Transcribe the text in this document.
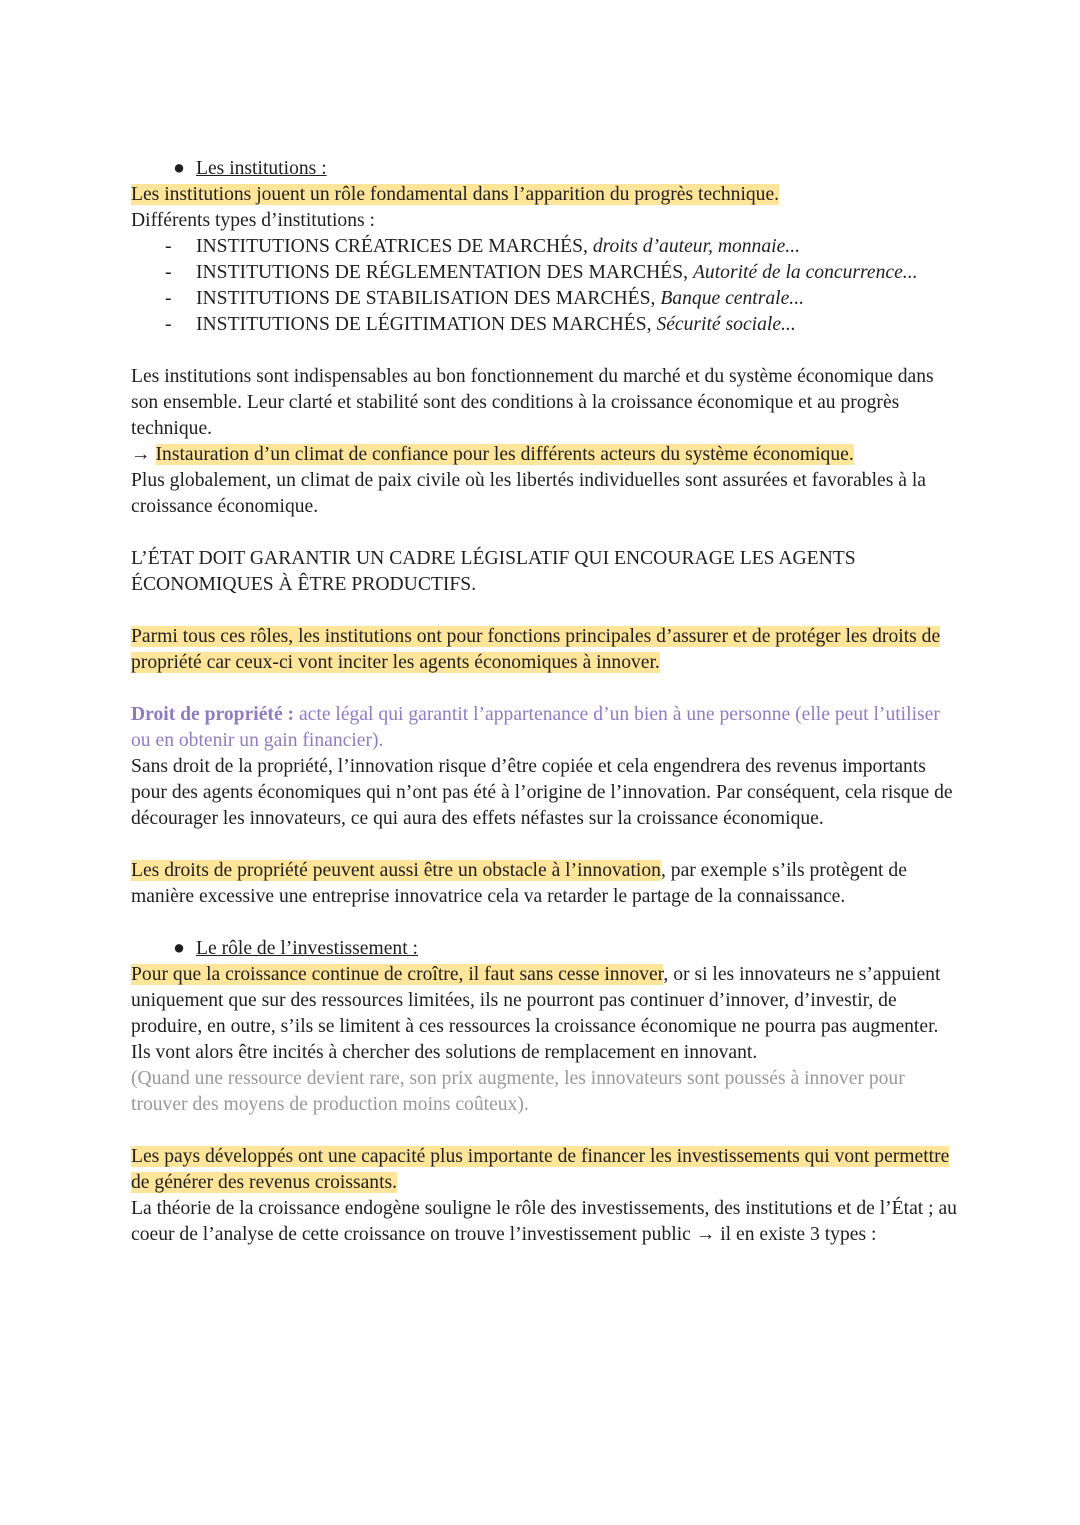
● Les institutions :

Les institutions jouent un rôle fondamental dans l’apparition du progrès technique.

Différents types d’institutions :

- INSTITUTIONS CRÉATRICES DE MARCHÉS, droits d’auteur, monnaie...
- INSTITUTIONS DE RÉGLEMENTATION DES MARCHÉS, Autorité de la concurrence...
- INSTITUTIONS DE STABILISATION DES MARCHÉS, Banque centrale...
- INSTITUTIONS DE LÉGITIMATION DES MARCHÉS, Sécurité sociale...

Les institutions sont indispensables au bon fonctionnement du marché et du système économique dans son ensemble. Leur clarté et stabilité sont des conditions à la croissance économique et au progrès technique.
→ Instauration d’un climat de confiance pour les différents acteurs du système économique.
Plus globalement, un climat de paix civile où les libertés individuelles sont assurées et favorables à la croissance économique.

L’ÉTAT DOIT GARANTIR UN CADRE LÉGISLATIF QUI ENCOURAGE LES AGENTS ÉCONOMIQUES À ÊTRE PRODUCTIFS.

Parmi tous ces rôles, les institutions ont pour fonctions principales d’assurer et de protéger les droits de propriété car ceux-ci vont inciter les agents économiques à innover.

Droit de propriété : acte légal qui garantit l’appartenance d’un bien à une personne (elle peut l’utiliser ou en obtenir un gain financier).

Sans droit de la propriété, l’innovation risque d’être copiée et cela engendrera des revenus importants pour des agents économiques qui n’ont pas été à l’origine de l’innovation. Par conséquent, cela risque de décourager les innovateurs, ce qui aura des effets néfastes sur la croissance économique.

Les droits de propriété peuvent aussi être un obstacle à l’innovation, par exemple s’ils protègent de manière excessive une entreprise innovatrice cela va retarder le partage de la connaissance.

● Le rôle de l’investissement :

Pour que la croissance continue de croître, il faut sans cesse innover, or si les innovateurs ne s’appuient uniquement que sur des ressources limitées, ils ne pourront pas continuer d’innover, d’investir, de produire, en outre, s’ils se limitent à ces ressources la croissance économique ne pourra pas augmenter. Ils vont alors être incités à chercher des solutions de remplacement en innovant.

(Quand une ressource devient rare, son prix augmente, les innovateurs sont poussés à innover pour trouver des moyens de production moins coûteux).

Les pays développés ont une capacité plus importante de financer les investissements qui vont permettre de générer des revenus croissants.

La théorie de la croissance endogène souligne le rôle des investissements, des institutions et de l’État ; au coeur de l’analyse de cette croissance on trouve l’investissement public → il en existe 3 types :
